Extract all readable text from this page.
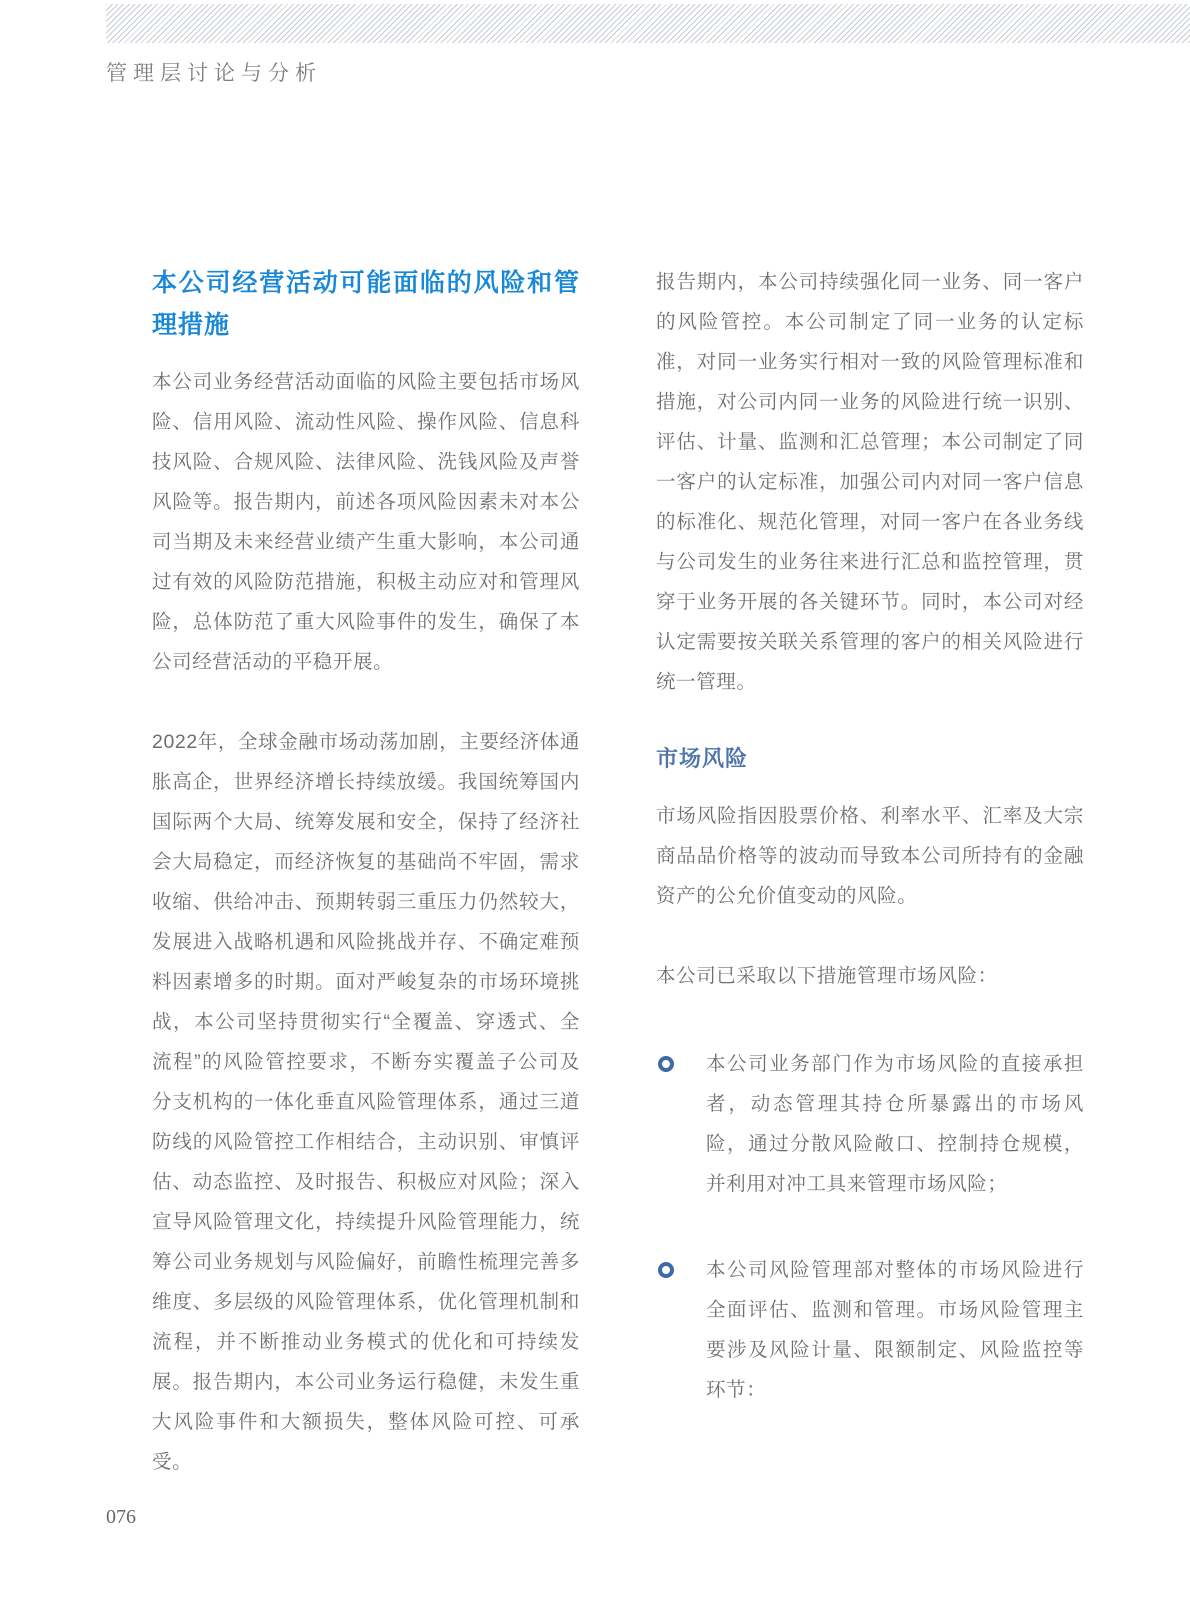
管理层讨论与分析
本公司经营活动可能面临的风险和管理措施

本公司业务经营活动面临的风险主要包括市场风险、信用风险、流动性风险、操作风险、信息科技风险、合规风险、法律风险、洗钱风险及声誉风险等。报告期内，前述各项风险因素未对本公司当期及未来经营业绩产生重大影响，本公司通过有效的风险防范措施，积极主动应对和管理风险，总体防范了重大风险事件的发生，确保了本公司经营活动的平稳开展。

2022年，全球金融市场动荡加剧，主要经济体通胀高企，世界经济增长持续放缓。我国统筹国内国际两个大局、统筹发展和安全，保持了经济社会大局稳定，而经济恢复的基础尚不牢固，需求收缩、供给冲击、预期转弱三重压力仍然较大，发展进入战略机遇和风险挑战并存、不确定难预料因素增多的时期。面对严峻复杂的市场环境挑战，本公司坚持贯彻实行“全覆盖、穿透式、全流程”的风险管控要求，不断夯实覆盖子公司及分支机构的一体化垂直风险管理体系，通过三道防线的风险管控工作相结合，主动识别、审慎评估、动态监控、及时报告、积极应对风险；深入宣导风险管理文化，持续提升风险管理能力，统筹公司业务规划与风险偏好，前瞻性梳理完善多维度、多层级的风险管理体系，优化管理机制和流程，并不断推动业务模式的优化和可持续发展。报告期内，本公司业务运行稳健，未发生重大风险事件和大额损失，整体风险可控、可承受。

报告期内，本公司持续强化同一业务、同一客户的风险管控。本公司制定了同一业务的认定标准，对同一业务实行相对一致的风险管理标准和措施，对公司内同一业务的风险进行统一识别、评估、计量、监测和汇总管理；本公司制定了同一客户的认定标准，加强公司内对同一客户信息的标准化、规范化管理，对同一客户在各业务线与公司发生的业务往来进行汇总和监控管理，贯穿于业务开展的各关键环节。同时，本公司对经认定需要按关联关系管理的客户的相关风险进行统一管理。

市场风险

市场风险指因股票价格、利率水平、汇率及大宗商品品价格等的波动而导致本公司所持有的金融资产的公允价值变动的风险。

本公司已采取以下措施管理市场风险：

本公司业务部门作为市场风险的直接承担者，动态管理其持仓所暴露出的市场风险，通过分散风险敞口、控制持仓规模，并利用对冲工具来管理市场风险；

本公司风险管理部对整体的市场风险进行全面评估、监测和管理。市场风险管理主要涉及风险计量、限额制定、风险监控等环节：

076
